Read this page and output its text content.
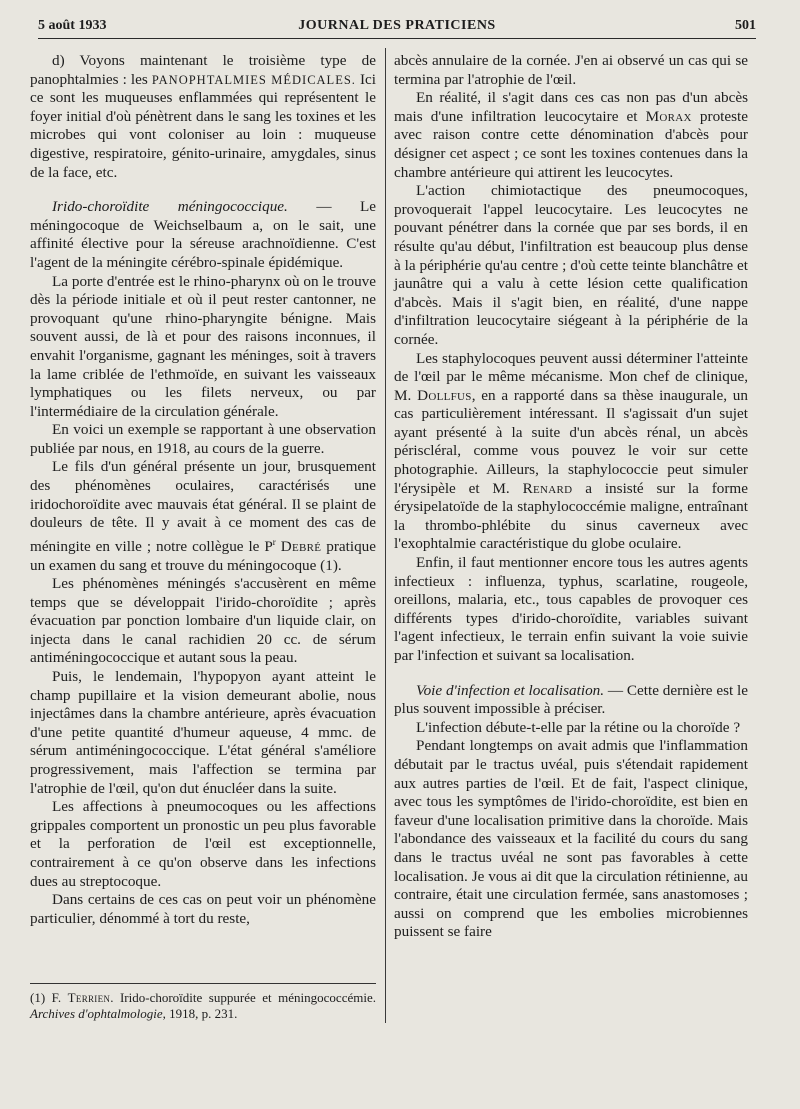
5 août 1933	JOURNAL DES PRATICIENS	501

d) Voyons maintenant le troisième type de panophtalmies : les PANOPHTALMIES MÉDICALES. Ici ce sont les muqueuses enflammées qui représentent le foyer initial d'où pénètrent dans le sang les toxines et les microbes qui vont coloniser au loin : muqueuse digestive, respiratoire, génito-urinaire, amygdales, sinus de la face, etc.

Irido-choroïdite méningococcique. — Le méningocoque de Weichselbaum a, on le sait, une affinité élective pour la séreuse arachnoïdienne. C'est l'agent de la méningite cérébro-spinale épidémique.

La porte d'entrée est le rhino-pharynx où on le trouve dès la période initiale et où il peut rester cantonner, ne provoquant qu'une rhino-pharyngite bénigne. Mais souvent aussi, de là et pour des raisons inconnues, il envahit l'organisme, gagnant les méninges, soit à travers la lame criblée de l'ethmoïde, en suivant les vaisseaux lymphatiques ou les filets nerveux, ou par l'intermédiaire de la circulation générale.

En voici un exemple se rapportant à une observation publiée par nous, en 1918, au cours de la guerre.

Le fils d'un général présente un jour, brusquement des phénomènes oculaires, caractérisés une iridochoroïdite avec mauvais état général. Il se plaint de douleurs de tête. Il y avait à ce moment des cas de méningite en ville ; notre collègue le $P^r$ Debré pratique un examen du sang et trouve du méningocoque (1).

Les phénomènes méningés s'accusèrent en même temps que se développait l'irido-choroïdite ; après évacuation par ponction lombaire d'un liquide clair, on injecta dans le canal rachidien 20 cc. de sérum antiméningococcique et autant sous la peau.

Puis, le lendemain, l'hypopyon ayant atteint le champ pupillaire et la vision demeurant abolie, nous injectâmes dans la chambre antérieure, après évacuation d'une petite quantité d'humeur aqueuse, 4 mmc. de sérum antiméningococcique. L'état général s'améliore progressivement, mais l'affection se termina par l'atrophie de l'œil, qu'on dut énucléer dans la suite.

Les affections à pneumocoques ou les affections grippales comportent un pronostic un peu plus favorable et la perforation de l'œil est exceptionnelle, contrairement à ce qu'on observe dans les infections dues au streptocoque.

Dans certains de ces cas on peut voir un phénomène particulier, dénommé à tort du reste,

(1) F. Terrien. Irido-choroïdite suppurée et méningococcémie. Archives d'ophtalmologie, 1918, p. 231.

abcès annulaire de la cornée. J'en ai observé un cas qui se termina par l'atrophie de l'œil.

En réalité, il s'agit dans ces cas non pas d'un abcès mais d'une infiltration leucocytaire et Morax proteste avec raison contre cette dénomination d'abcès pour désigner cet aspect ; ce sont les toxines contenues dans la chambre antérieure qui attirent les leucocytes.

L'action chimiotactique des pneumocoques, provoquerait l'appel leucocytaire. Les leucocytes ne pouvant pénétrer dans la cornée que par ses bords, il en résulte qu'au début, l'infiltration est beaucoup plus dense à la périphérie qu'au centre ; d'où cette teinte blanchâtre et jaunâtre qui a valu à cette lésion cette qualification d'abcès. Mais il s'agit bien, en réalité, d'une nappe d'infiltration leucocytaire siégeant à la périphérie de la cornée.

Les staphylocoques peuvent aussi déterminer l'atteinte de l'œil par le même mécanisme. Mon chef de clinique, M. Dollfus, en a rapporté dans sa thèse inaugurale, un cas particulièrement intéressant. Il s'agissait d'un sujet ayant présenté à la suite d'un abcès rénal, un abcès périscléral, comme vous pouvez le voir sur cette photographie. Ailleurs, la staphylococcie peut simuler l'érysipèle et M. Renard a insisté sur la forme érysipelatoïde de la staphylococcémie maligne, entraînant la thrombo-phlébite du sinus caverneux avec l'exophtalmie caractéristique du globe oculaire.

Enfin, il faut mentionner encore tous les autres agents infectieux : influenza, typhus, scarlatine, rougeole, oreillons, malaria, etc., tous capables de provoquer ces différents types d'irido-choroïdite, variables suivant l'agent infectieux, le terrain enfin suivant la voie suivie par l'infection et suivant sa localisation.

Voie d'infection et localisation. — Cette dernière est le plus souvent impossible à préciser.

L'infection débute-t-elle par la rétine ou la choroïde ?

Pendant longtemps on avait admis que l'inflammation débutait par le tractus uvéal, puis s'étendait rapidement aux autres parties de l'œil. Et de fait, l'aspect clinique, avec tous les symptômes de l'irido-choroïdite, est bien en faveur d'une localisation primitive dans la choroïde. Mais l'abondance des vaisseaux et la facilité du cours du sang dans le tractus uvéal ne sont pas favorables à cette localisation. Je vous ai dit que la circulation rétinienne, au contraire, était une circulation fermée, sans anastomoses ; aussi on comprend que les embolies microbiennes puissent se faire
